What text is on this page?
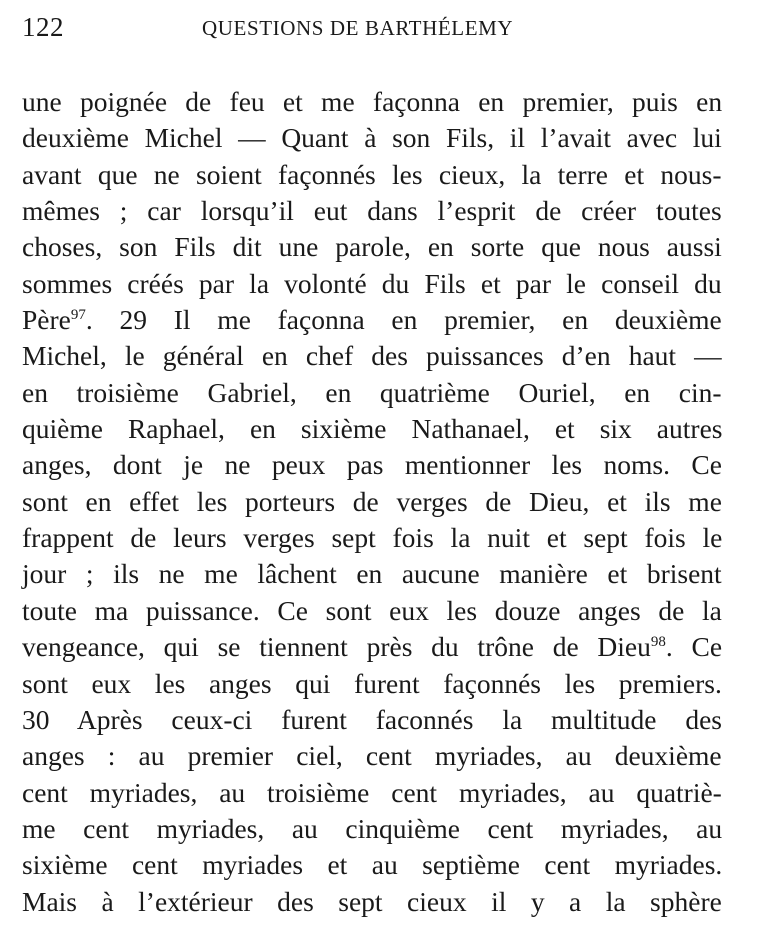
122	QUESTIONS DE BARTHÉLEMY
une poignée de feu et me façonna en premier, puis en
deuxième Michel — Quant à son Fils, il l’avait avec lui
avant que ne soient façonnés les cieux, la terre et nous-
mêmes ; car lorsqu’il eut dans l’esprit de créer toutes
choses, son Fils dit une parole, en sorte que nous aussi
sommes créés par la volonté du Fils et par le conseil du
Père$^{97}$. 29 Il me façonna en premier, en deuxième
Michel, le général en chef des puissances d’en haut —
en troisième Gabriel, en quatrième Ouriel, en cin-
quième Raphael, en sixième Nathanael, et six autres
anges, dont je ne peux pas mentionner les noms. Ce
sont en effet les porteurs de verges de Dieu, et ils me
frappent de leurs verges sept fois la nuit et sept fois le
jour ; ils ne me lâchent en aucune manière et brisent
toute ma puissance. Ce sont eux les douze anges de la
vengeance, qui se tiennent près du trône de Dieu$^{98}$. Ce
sont eux les anges qui furent façonnés les premiers.
30 Après ceux-ci furent faconnés la multitude des
anges : au premier ciel, cent myriades, au deuxième
cent myriades, au troisième cent myriades, au quatriè-
me cent myriades, au cinquième cent myriades, au
sixième cent myriades et au septième cent myriades.
Mais à l’extérieur des sept cieux il y a la sphère
